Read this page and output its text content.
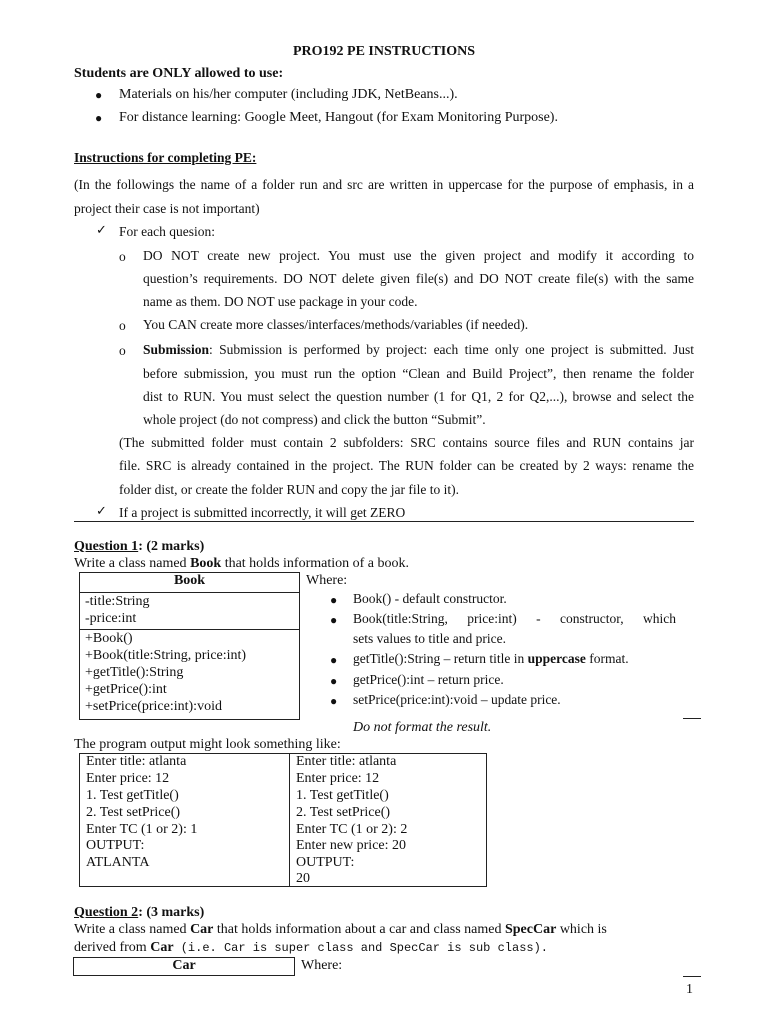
PRO192 PE INSTRUCTIONS
Students are ONLY allowed to use:
● Materials on his/her computer (including JDK, NetBeans...).
● For distance learning: Google Meet, Hangout (for Exam Monitoring Purpose).
Instructions for completing PE:
(In the followings the name of a folder run and src are written in uppercase for the purpose of emphasis, in a
project their case is not important)
✓ For each quesion:
o DO NOT create new project. You must use the given project and modify it according to
question’s requirements. DO NOT delete given file(s) and DO NOT create file(s) with the same
name as them. DO NOT use package in your code.
o You CAN create more classes/interfaces/methods/variables (if needed).
o Submission : Submission is performed by project: each time only one project is submitted. Just
before submission, you must run the option “Clean and Build Project”, then rename the folder
dist to RUN. You must select the question number (1 for Q1, 2 for Q2,...), browse and select the
whole project (do not compress) and click the button “Submit”.
(The submitted folder must contain 2 subfolders: SRC contains source files and RUN contains jar
file. SRC is already contained in the project. The RUN folder can be created by 2 ways: rename the
folder dist, or create the folder RUN and copy the jar file to it).
✓ If a project is submitted incorrectly, it will get ZERO
Question 1: (2 marks)
Write a class named Book that holds information of a book.
Book
-title:String
-price:int
+Book()
+Book(title:String, price:int)
+getTitle():String
+getPrice():int
+setPrice(price:int):void
Where:
● Book() - default constructor.
● Book(title:String, price:int) - constructor, which
sets values to title and price.
● getTitle():String – return title in uppercase format.
● getPrice():int – return price.
● setPrice(price:int):void – update price.
Do not format the result.
The program output might look something like:
Enter title: atlanta
Enter price: 12
1. Test getTitle()
2. Test setPrice()
Enter TC (1 or 2): 1
OUTPUT:
ATLANTA
Enter title: atlanta
Enter price: 12
1. Test getTitle()
2. Test setPrice()
Enter TC (1 or 2): 2
Enter new price: 20
OUTPUT:
20
Question 2: (3 marks)
Write a class named
Car
that holds information about a car and class named
SpecCar
which is
derived from Car (i.e. Car is super class and SpecCar is sub class).
Car	Where:
1
